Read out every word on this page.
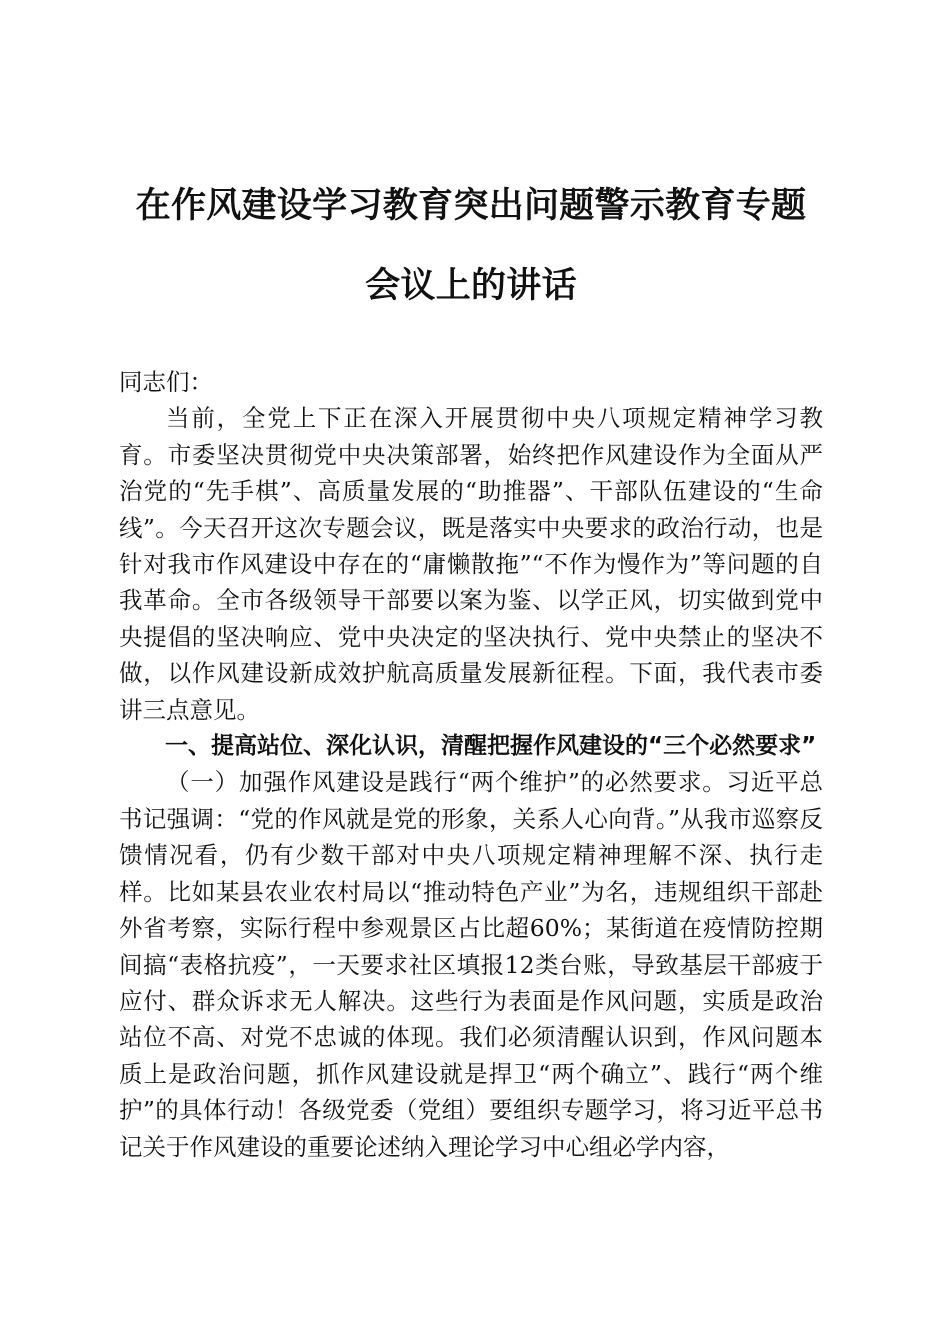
在作风建设学习教育突出问题警示教育专题会议上的讲话

同志们：

当前，全党上下正在深入开展贯彻中央八项规定精神学习教育。市委坚决贯彻党中央决策部署，始终把作风建设作为全面从严治党的“先手棋”、高质量发展的“助推器”、干部队伍建设的“生命线”。今天召开这次专题会议，既是落实中央要求的政治行动，也是针对我市作风建设中存在的“庸懒散拖”“不作为慢作为”等问题的自我革命。全市各级领导干部要以案为鉴、以学正风，切实做到党中央提倡的坚决响应、党中央决定的坚决执行、党中央禁止的坚决不做，以作风建设新成效护航高质量发展新征程。下面，我代表市委讲三点意见。

一、提高站位、深化认识，清醒把握作风建设的“三个必然要求”

（一）加强作风建设是践行“两个维护”的必然要求。习近平总书记强调：“党的作风就是党的形象，关系人心向背。”从我市巡察反馈情况看，仍有少数干部对中央八项规定精神理解不深、执行走样。比如某县农业农村局以“推动特色产业”为名，违规组织干部赴外省考察，实际行程中参观景区占比超60%；某街道在疫情防控期间搞“表格抗疫”，一天要求社区填报12类台账，导致基层干部疲于应付、群众诉求无人解决。这些行为表面是作风问题，实质是政治站位不高、对党不忠诚的体现。我们必须清醒认识到，作风问题本质上是政治问题，抓作风建设就是捍卫“两个确立”、践行“两个维护”的具体行动！各级党委（党组）要组织专题学习，将习近平总书记关于作风建设的重要论述纳入理论学习中心组必学内容，
